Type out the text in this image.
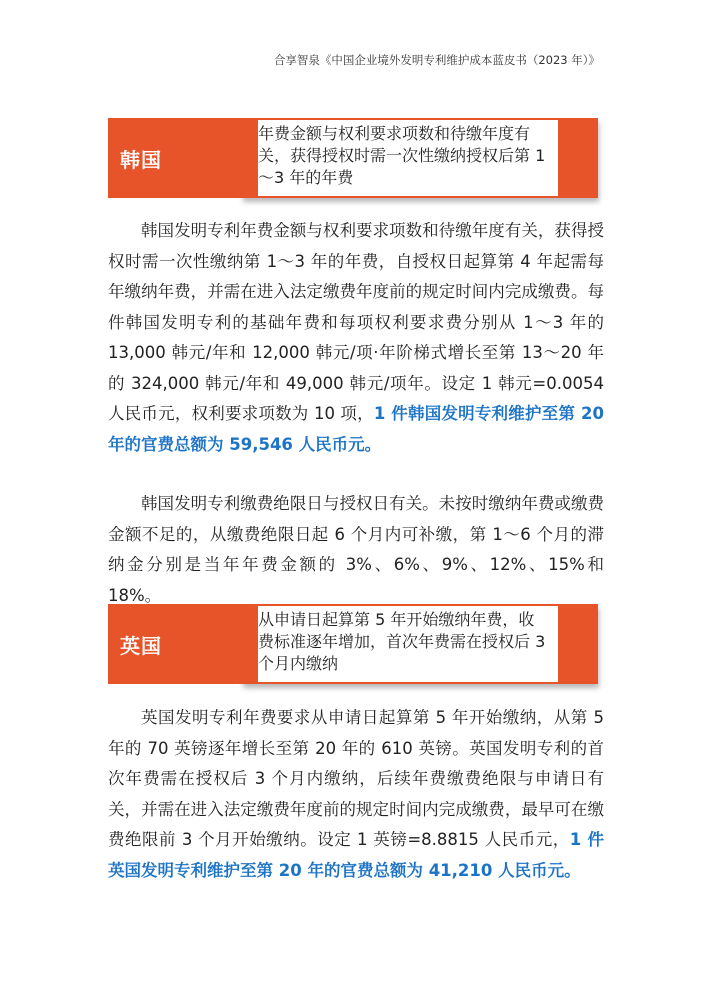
合享智泉《中国企业境外发明专利维护成本蓝皮书（2023 年）》
年费金额与权利要求项数和待缴年度有关，获得授权时需一次性缴纳授权后第 1～3 年的年费
韩国

韩国发明专利年费金额与权利要求项数和待缴年度有关，获得授权时需一次性缴纳第 1～3 年的年费，自授权日起算第 4 年起需每年缴纳年费，并需在进入法定缴费年度前的规定时间内完成缴费。每件韩国发明专利的基础年费和每项权利要求费分别从 1～3 年的 13,000 韩元/年和 12,000 韩元/项·年阶梯式增长至第 13～20 年的 324,000 韩元/年和 49,000 韩元/项年。设定 1 韩元=0.0054 人民币元，权利要求项数为 10 项，1 件韩国发明专利维护至第 20 年的官费总额为 59,546 人民币元。

韩国发明专利缴费绝限日与授权日有关。未按时缴纳年费或缴费金额不足的，从缴费绝限日起 6 个月内可补缴，第 1～6 个月的滞纳金分别是当年年费金额的 3%、6%、9%、12%、15%和 18%。

从申请日起算第 5 年开始缴纳年费，收费标准逐年增加，首次年费需在授权后 3 个月内缴纳
英国

英国发明专利年费要求从申请日起算第 5 年开始缴纳，从第 5 年的 70 英镑逐年增长至第 20 年的 610 英镑。英国发明专利的首次年费需在授权后 3 个月内缴纳，后续年费缴费绝限与申请日有关，并需在进入法定缴费年度前的规定时间内完成缴费，最早可在缴费绝限前 3 个月开始缴纳。设定 1 英镑=8.8815 人民币元，1 件英国发明专利维护至第 20 年的官费总额为 41,210 人民币元。
